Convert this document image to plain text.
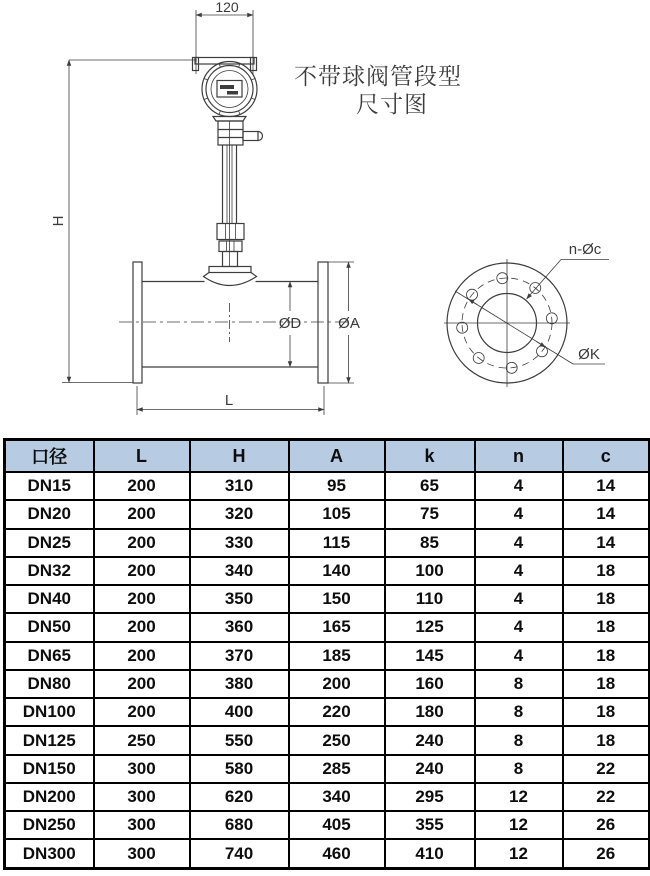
120
H
ØD ØA
L
ØK
n-Øc
不带球阀管段型
尺寸图
口径	L	H	A	k	n	c
DN15	200	310	95	65	4	14
DN20	200	320	105	75	4	14
DN25	200	330	115	85	4	14
DN32	200	340	140	100	4	18
DN40	200	350	150	110	4	18
DN50	200	360	165	125	4	18
DN65	200	370	185	145	4	18
DN80	200	380	200	160	8	18
DN100	200	400	220	180	8	18
DN125	250	550	250	240	8	18
DN150	300	580	285	240	8	22
DN200	300	620	340	295	12	22
DN250	300	680	405	355	12	26
DN300	300	740	460	410	12	26
